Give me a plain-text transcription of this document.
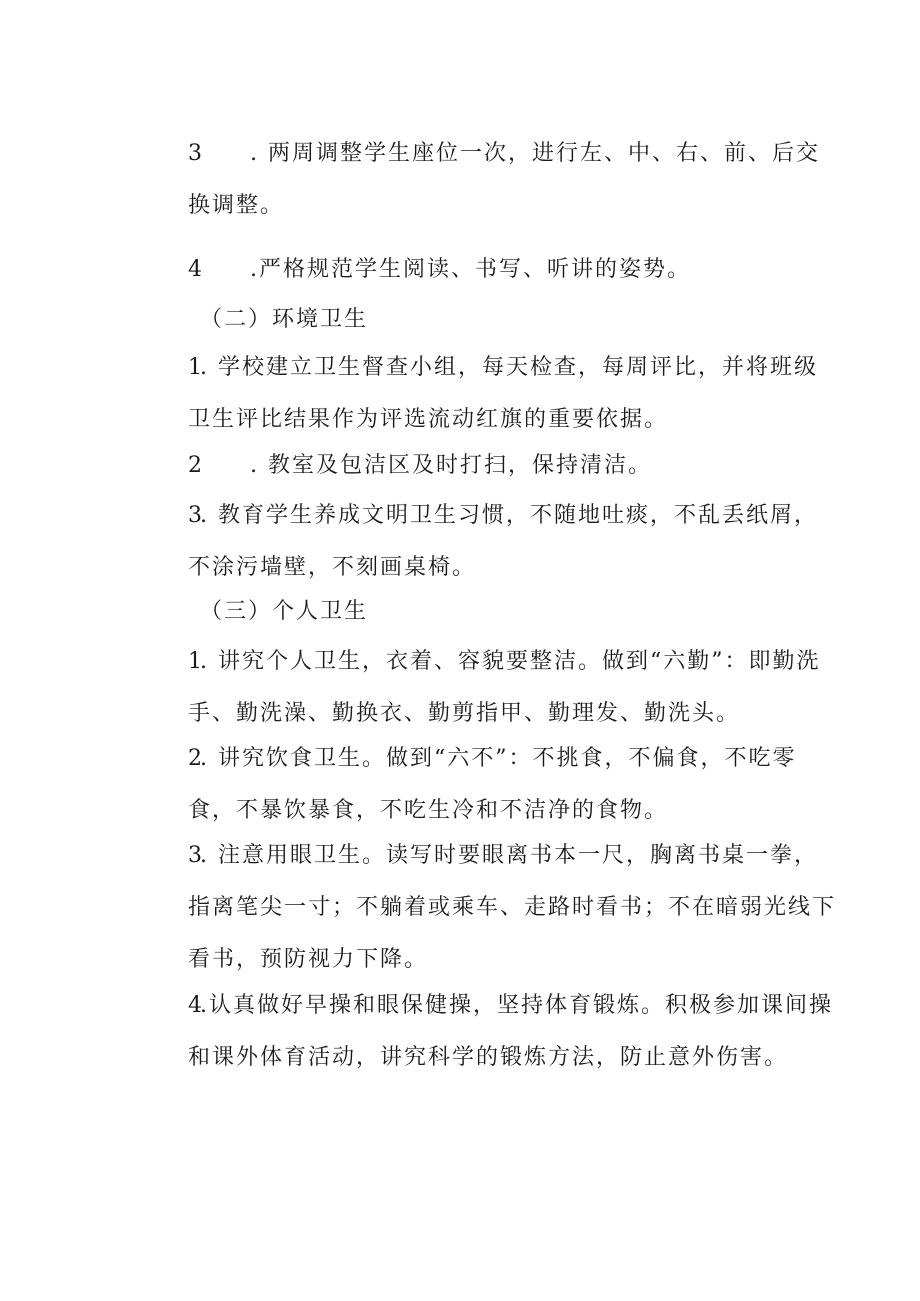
3 . 两周调整学生座位一次，进行左、中、右、前、后交换调整。

4 .严格规范学生阅读、书写、听讲的姿势。

（二）环境卫生

1. 学校建立卫生督查小组，每天检查，每周评比，并将班级卫生评比结果作为评选流动红旗的重要依据。

2 . 教室及包洁区及时打扫，保持清洁。

3. 教育学生养成文明卫生习惯，不随地吐痰，不乱丢纸屑，不涂污墙壁，不刻画桌椅。

（三）个人卫生

1. 讲究个人卫生，衣着、容貌要整洁。做到“六勤”：即勤洗手、勤洗澡、勤换衣、勤剪指甲、勤理发、勤洗头。

2. 讲究饮食卫生。做到“六不”：不挑食，不偏食，不吃零食，不暴饮暴食，不吃生冷和不洁净的食物。

3. 注意用眼卫生。读写时要眼离书本一尺，胸离书桌一拳，指离笔尖一寸；不躺着或乘车、走路时看书；不在暗弱光线下看书，预防视力下降。

4.认真做好早操和眼保健操，坚持体育锻炼。积极参加课间操和课外体育活动，讲究科学的锻炼方法，防止意外伤害。
